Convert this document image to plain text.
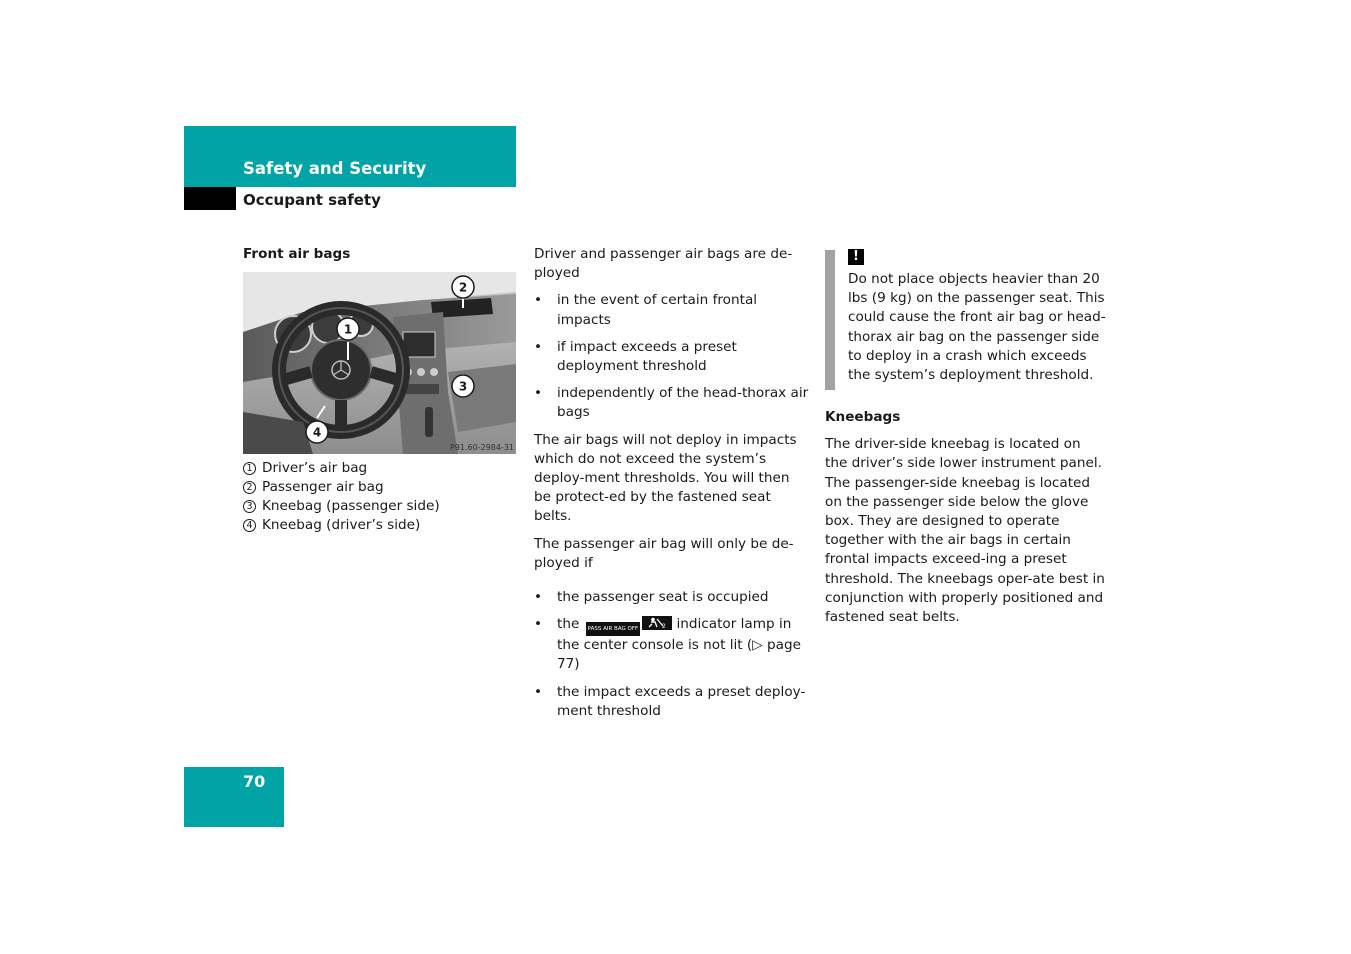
Safety and Security
Occupant safety
Front air bags
1
2
3
4
P91.60-2984-31
1 Driver’s air bag
2 Passenger air bag
3 Kneebag (passenger side)
4 Kneebag (driver’s side)

Driver and passenger air bags are de-ployed

• in the event of certain frontal impacts
• if impact exceeds a preset deployment threshold
• independently of the head-thorax air bags

The air bags will not deploy in impacts which do not exceed the system’s deploy-ment thresholds. You will then be protect-ed by the fastened seat belts.

The passenger air bag will only be de-ployed if

• the passenger seat is occupied
• the PASS AIR BAG OFF	2 indicator lamp in the center console is not lit (▷ page 77)
• the impact exceeds a preset deploy-ment threshold
!
Do not place objects heavier than 20 lbs (9 kg) on the passenger seat. This could cause the front air bag or head-thorax air bag on the passenger side to deploy in a crash which exceeds the system’s deployment threshold.
Kneebags

The driver-side kneebag is located on the driver’s side lower instrument panel. The passenger-side kneebag is located on the passenger side below the glove box. They are designed to operate together with the air bags in certain frontal impacts exceed-ing a preset threshold. The kneebags oper-ate best in conjunction with properly positioned and fastened seat belts.

70
